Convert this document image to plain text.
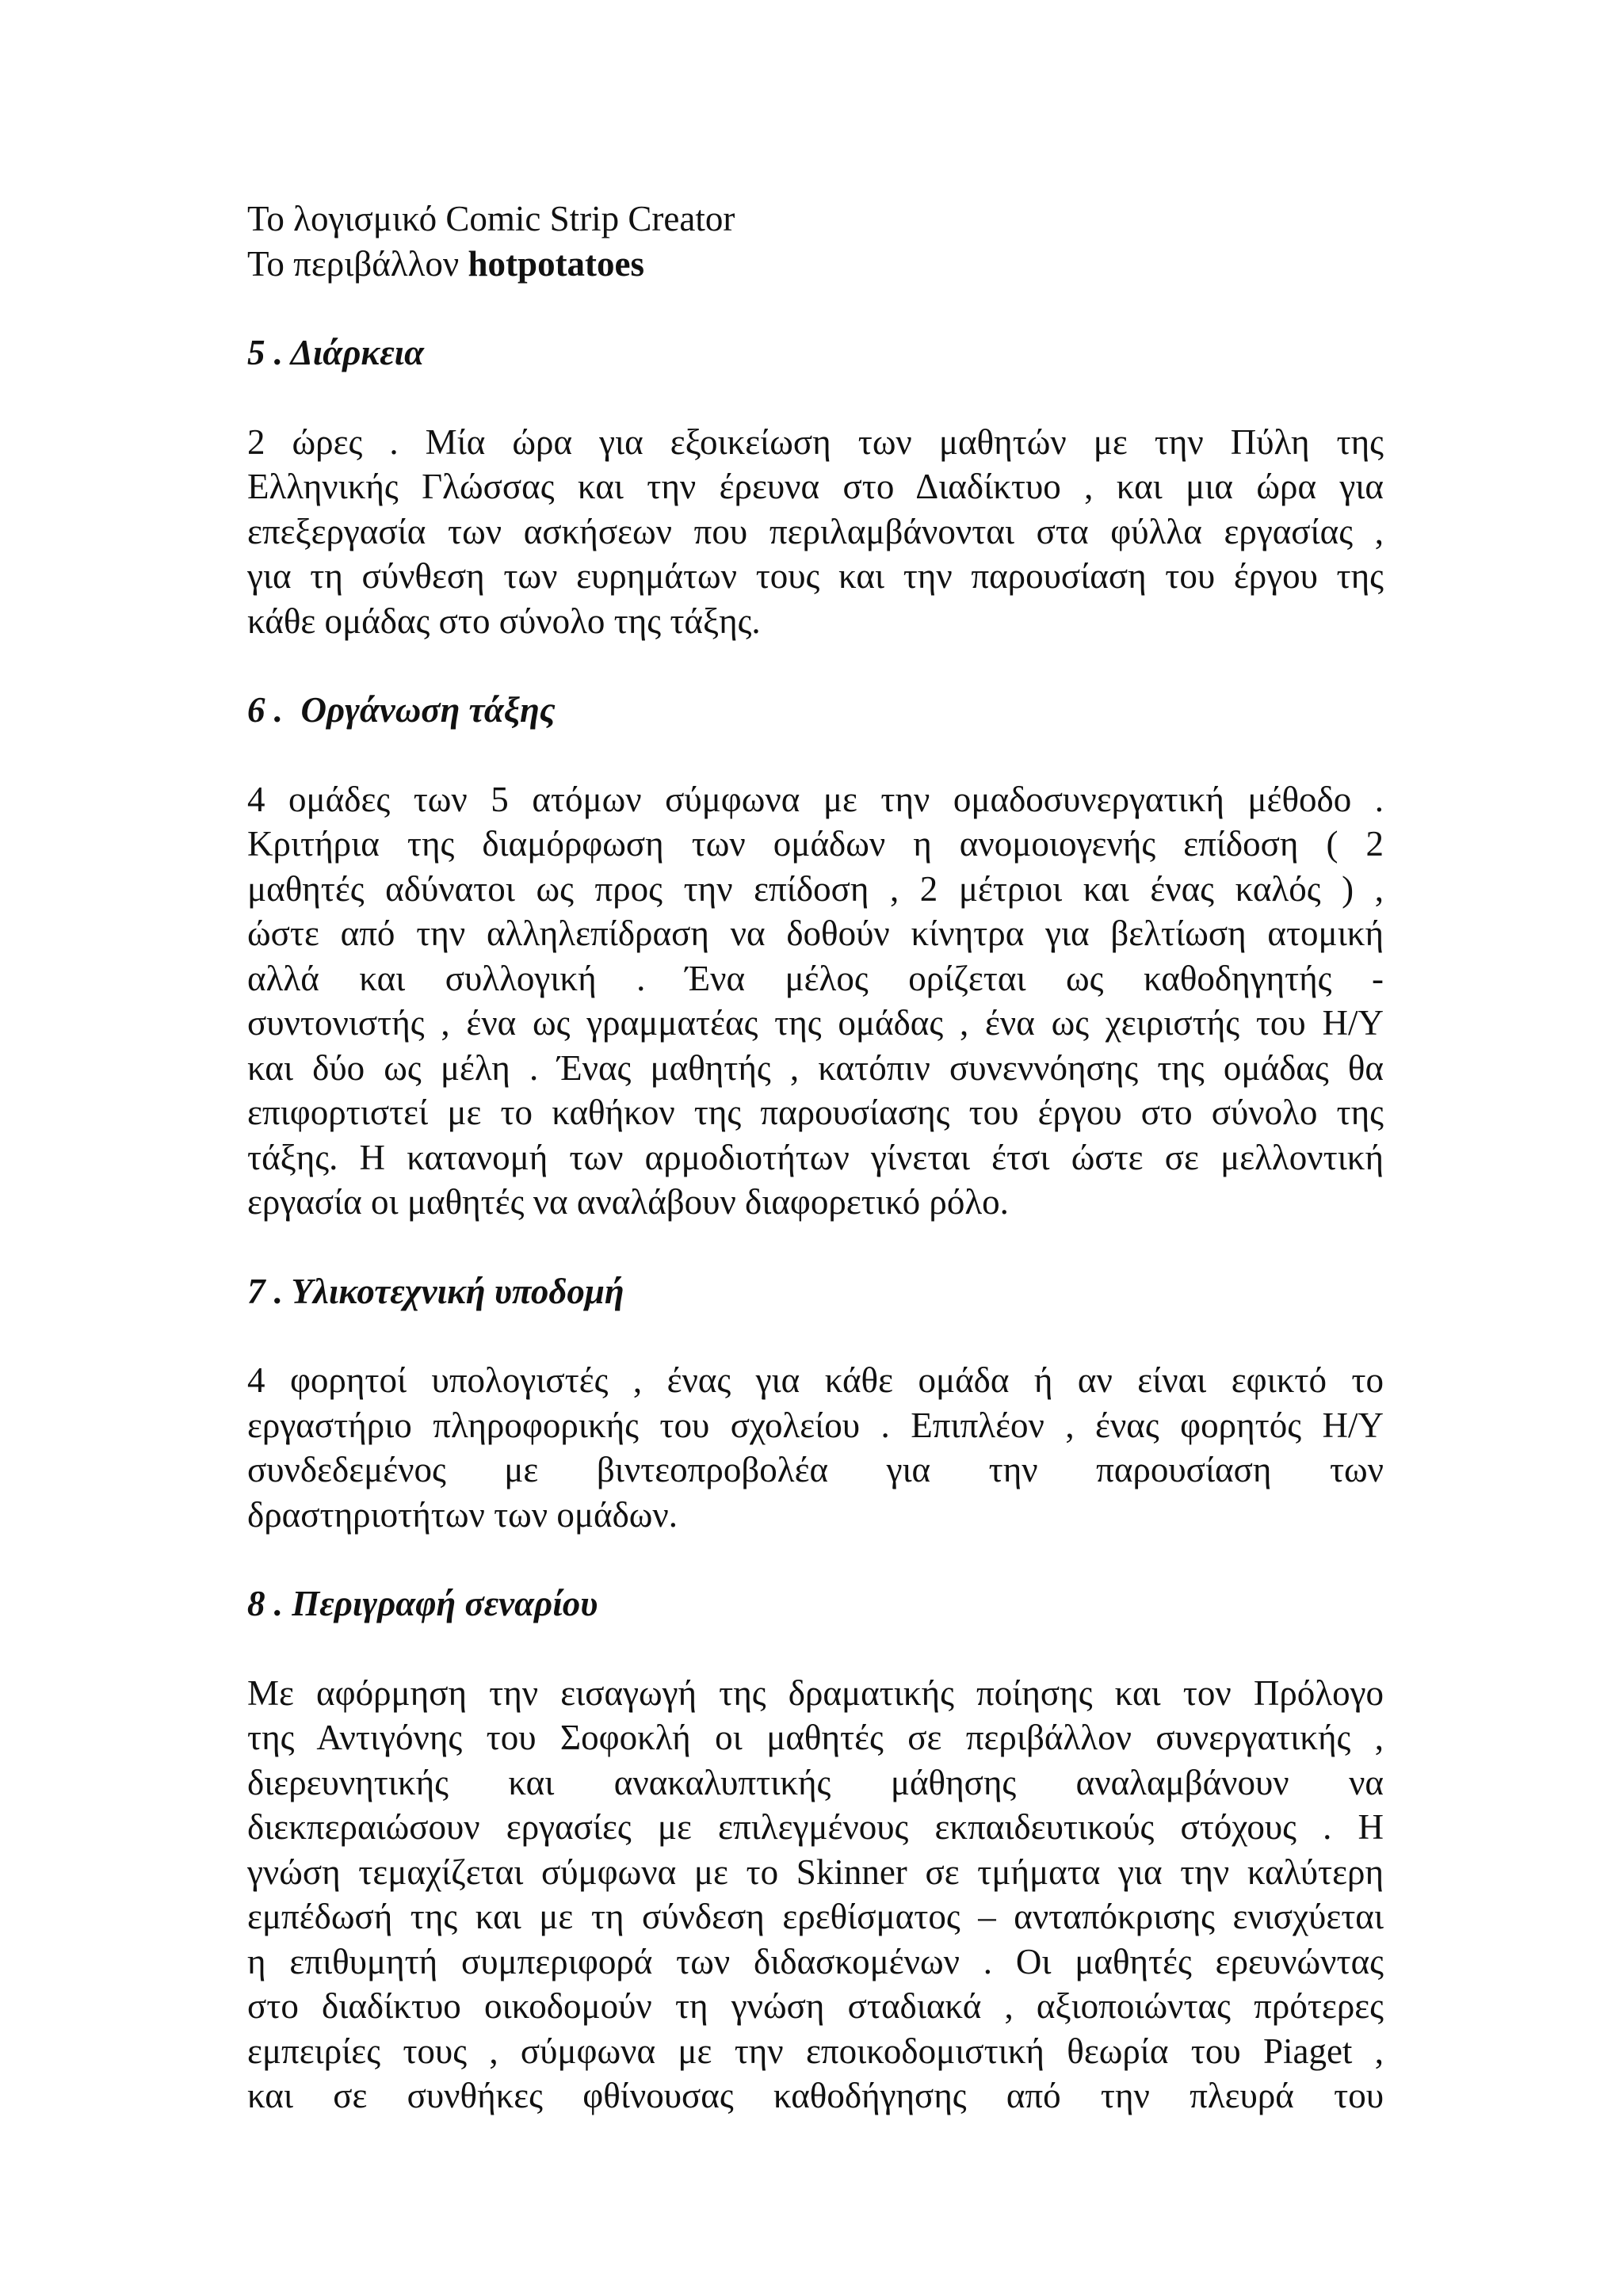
Το λογισμικό Comic Strip Creator
Το περιβάλλον hotpotatoes
5 . Διάρκεια
2 ώρες . Μία ώρα για εξοικείωση των μαθητών με την Πύλη της
Ελληνικής Γλώσσας και την έρευνα στο Διαδίκτυο , και μια ώρα για
επεξεργασία των ασκήσεων που περιλαμβάνονται στα φύλλα εργασίας ,
για τη σύνθεση των ευρημάτων τους και την παρουσίαση του έργου της
κάθε ομάδας στο σύνολο της τάξης.
6 .  Οργάνωση τάξης
4 ομάδες των 5 ατόμων σύμφωνα με την ομαδοσυνεργατική μέθοδο .
Κριτήρια της διαμόρφωση των ομάδων η ανομοιογενής επίδοση ( 2
μαθητές αδύνατοι ως προς την επίδοση , 2 μέτριοι και ένας καλός ) ,
ώστε από την αλληλεπίδραση να δοθούν κίνητρα για βελτίωση ατομική
αλλά και συλλογική . Ένα μέλος ορίζεται ως καθοδηγητής -
συντονιστής , ένα ως γραμματέας της ομάδας , ένα ως χειριστής του Η/Υ
και δύο ως μέλη . Ένας μαθητής , κατόπιν συνεννόησης της ομάδας θα
επιφορτιστεί με το καθήκον της παρουσίασης του έργου στο σύνολο της
τάξης. Η κατανομή των αρμοδιοτήτων γίνεται έτσι ώστε σε μελλοντική
εργασία οι μαθητές να αναλάβουν διαφορετικό ρόλο.
7 . Υλικοτεχνική υποδομή
4 φορητοί υπολογιστές , ένας για κάθε ομάδα ή αν είναι εφικτό το
εργαστήριο πληροφορικής του σχολείου . Επιπλέον , ένας φορητός Η/Υ
συνδεδεμένος με βιντεοπροβολέα για την παρουσίαση των
δραστηριοτήτων των ομάδων.
8 . Περιγραφή σεναρίου
Με αφόρμηση την εισαγωγή της δραματικής ποίησης και τον Πρόλογο
της Αντιγόνης του Σοφοκλή οι μαθητές σε περιβάλλον συνεργατικής ,
διερευνητικής και ανακαλυπτικής μάθησης αναλαμβάνουν να
διεκπεραιώσουν εργασίες με επιλεγμένους εκπαιδευτικούς στόχους . Η
γνώση τεμαχίζεται σύμφωνα με το Skinner σε τμήματα για την καλύτερη
εμπέδωσή της και με τη σύνδεση ερεθίσματος – ανταπόκρισης ενισχύεται
η επιθυμητή συμπεριφορά των διδασκομένων . Οι μαθητές ερευνώντας
στο διαδίκτυο οικοδομούν τη γνώση σταδιακά , αξιοποιώντας πρότερες
εμπειρίες τους , σύμφωνα με την εποικοδομιστική θεωρία του Piaget ,
και σε συνθήκες φθίνουσας καθοδήγησης από την πλευρά του
